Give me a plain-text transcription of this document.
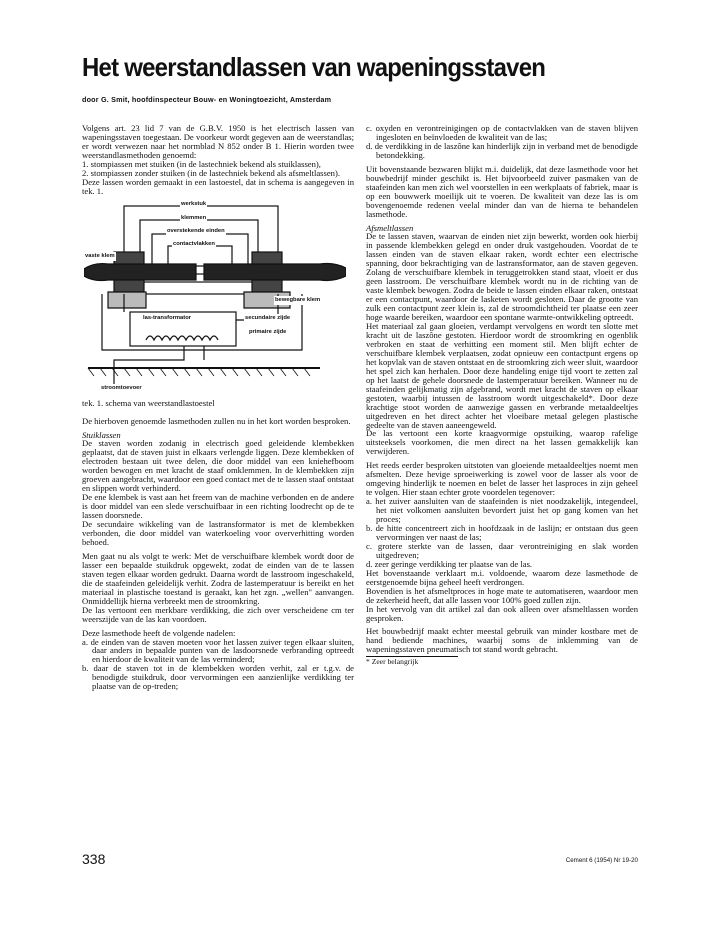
Het weerstandlassen van wapeningsstaven
door G. Smit, hoofdinspecteur Bouw- en Woningtoezicht, Amsterdam

Volgens art. 23 lid 7 van de G.B.V. 1950 is het electrisch lassen van wapeningsstaven toegestaan. De voorkeur wordt gegeven aan de weerstandlas; er wordt verwezen naar het normblad N 852 onder B 1. Hierin worden twee weerstandlasmethoden genoemd:

1. stompiassen met stuiken (in de lastechniek bekend als stuiklassen),

2. stompiassen zonder stuiken (in de lastechniek bekend als afsmeltlassen).

Deze lassen worden gemaakt in een lastoestel, dat in schema is aangegeven in tek. 1.

werkstuk
klemmen
overstekende einden
contactvlakken
vaste klem
bewegbare klem
las-transformator	secundaire zijde
primaire zijde
stroomtoevoer

tek. 1. schema van weerstandlastoestel

De hierboven genoemde lasmethoden zullen nu in het kort worden besproken.

Stuiklassen

De staven worden zodanig in electrisch goed geleidende klembekken geplaatst, dat de staven juist in elkaars verlengde liggen. Deze klembekken of electroden bestaan uit twee delen, die door middel van een kniehefboom worden bewogen en met kracht de staaf omklemmen. In de klembekken zijn groeven aangebracht, waardoor een goed contact met de te lassen staaf ontstaat en slippen wordt verhinderd.

De ene klembek is vast aan het freem van de machine verbonden en de andere is door middel van een slede verschuifbaar in een richting loodrecht op de te lassen doorsnede.

De secundaire wikkeling van de lastransformator is met de klembekken verbonden, die door middel van waterkoeling voor oververhitting worden behoed.

Men gaat nu als volgt te werk: Met de verschuifbare klembek wordt door de lasser een bepaalde stuikdruk opgewekt, zodat de einden van de te lassen staven tegen elkaar worden gedrukt. Daarna wordt de lasstroom ingeschakeld, die de staafeinden geleidelijk verhit. Zodra de lastemperatuur is bereikt en het materiaal in plastische toestand is geraakt, kan het zgn. „wellen" aanvangen. Onmiddellijk hierna verbreekt men de stroomkring.

De las vertoont een merkbare verdikking, die zich over verscheidene cm ter weerszijde van de las kan voordoen.

Deze lasmethode heeft de volgende nadelen:

a. de einden van de staven moeten voor het lassen zuiver tegen elkaar sluiten, daar anders in bepaalde punten van de lasdoorsnede verbranding optreedt en hierdoor de kwaliteit van de las verminderd;

b. daar de staven tot in de klembekken worden verhit, zal er t.g.v. de benodigde stuikdruk, door vervormingen een aanzienlijke verdikking ter plaatse van de op-treden;

c. oxyden en verontreinigingen op de contactvlakken van de staven blijven ingesloten en beïnvloeden de kwaliteit van de las;

d. de verdikking in de laszône kan hinderlijk zijn in verband met de benodigde betondekking.

Uit bovenstaande bezwaren blijkt m.i. duidelijk, dat deze lasmethode voor het bouwbedrijf minder geschikt is. Het bijvoorbeeld zuiver pasmaken van de staafeinden kan men zich wel voorstellen in een werkplaats of fabriek, maar is op een bouwwerk moeilijk uit te voeren. De kwaliteit van deze las is om bovengenoemde redenen veelal minder dan van de hierna te behandelen lasmethode.

Afsmeltlassen

De te lassen staven, waarvan de einden niet zijn bewerkt, worden ook hierbij in passende klembekken gelegd en onder druk vastgehouden. Voordat de te lassen einden van de staven elkaar raken, wordt echter een electrische spanning, door bekrachtiging van de lastransformator, aan de staven gegeven. Zolang de verschuifbare klembek in teruggetrokken stand staat, vloeit er dus geen lasstroom. De verschuifbare klembek wordt nu in de richting van de vaste klembek bewogen. Zodra de beide te lassen einden elkaar raken, ontstaat er een contactpunt, waardoor de lasketen wordt gesloten. Daar de grootte van zulk een contactpunt zeer klein is, zal de stroomdichtheid ter plaatse een zeer hoge waarde bereiken, waardoor een spontane warmte-ontwikkeling optreedt.

Het materiaal zal gaan gloeien, verdampt vervolgens en wordt ten slotte met kracht uit de laszône gestoten. Hierdoor wordt de stroomkring en ogenblik verbroken en staat de verhitting een moment stil. Men blijft echter de verschuifbare klembek verplaatsen, zodat opnieuw een contactpunt ergens op het kopvlak van de staven ontstaat en de stroomkring zich weer sluit, waardoor het spel zich kan herhalen. Door deze handeling enige tijd voort te zetten zal op het laatst de gehele doorsnede de lastemperatuur bereiken. Wanneer nu de staafeinden gelijkmatig zijn afgebrand, wordt met kracht de staven op elkaar gestoten, waarbij intussen de lasstroom wordt uitgeschakeld*. Door deze krachtige stoot worden de aanwezige gassen en verbrande metaaldeeltjes uitgedreven en het direct achter het vloeibare metaal gelegen plastische gedeelte van de staven aaneengeweld.

De las vertoont een korte kraagvormige opstuiking, waarop rafelige uitsteeksels voorkomen, die men direct na het lassen gemakkelijk kan verwijderen.

Het reeds eerder besproken uitstoten van gloeiende metaaldeeltjes noemt men afsmelten. Deze hevige sproeiwerking is zowel voor de lasser als voor de omgeving hinderlijk te noemen en belet de lasser het lasproces in zijn geheel te volgen. Hier staan echter grote voordelen tegenover:

a. het zuiver aansluiten van de staafeinden is niet noodzakelijk, integendeel, het niet volkomen aansluiten bevordert juist het op gang komen van het proces;

b. de hitte concentreert zich in hoofdzaak in de laslijn; er ontstaan dus geen vervormingen ver naast de las;

c. grotere sterkte van de lassen, daar verontreiniging en slak worden uitgedreven;

d. zeer geringe verdikking ter plaatse van de las.

Het bovenstaande verklaart m.i. voldoende, waarom deze lasmethode de eerstgenoemde bijna geheel heeft verdrongen.

Bovendien is het afsmeltproces in hoge mate te automatiseren, waardoor men de zekerheid heeft, dat alle lassen voor 100% goed zullen zijn.

In het vervolg van dit artikel zal dan ook alleen over afsmeltlassen worden gesproken.

Het bouwbedrijf maakt echter meestal gebruik van minder kostbare met de hand bediende machines, waarbij soms de inklemming van de wapeningsstaven pneumatisch tot stand wordt gebracht.

* Zeer belangrijk

338	Cement 6 (1954) Nr 19-20
